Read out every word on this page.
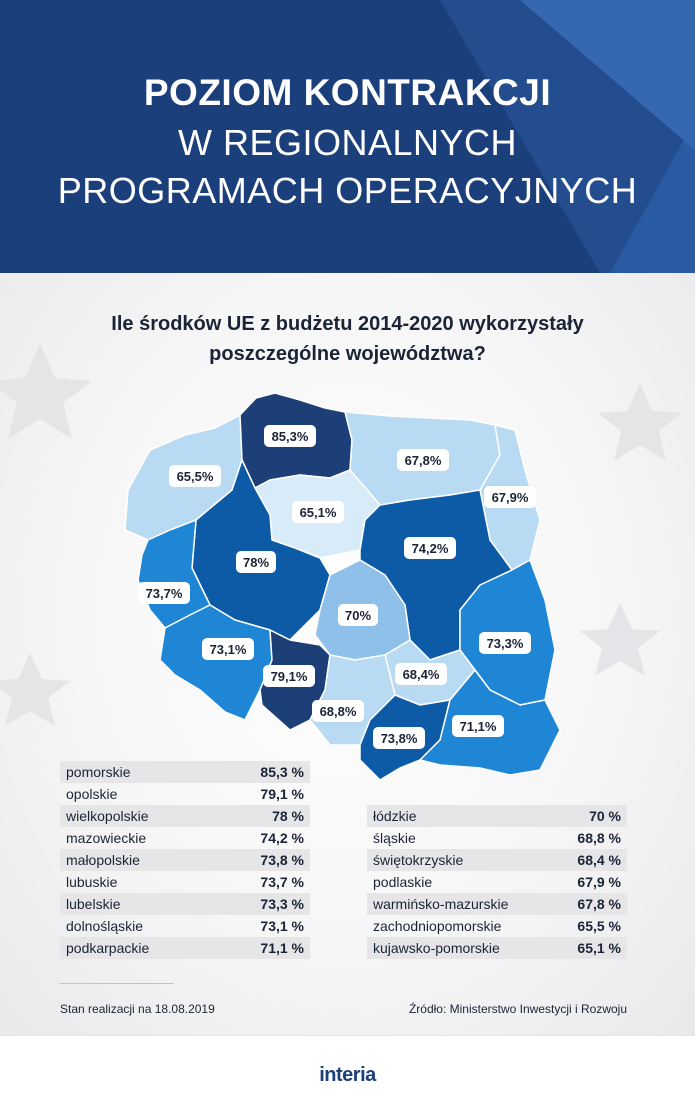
POZIOM KONTRAKCJI
W REGIONALNYCH
PROGRAMACH OPERACYJNYCH
Ile środków UE z budżetu 2014-2020 wykorzystały
poszczególne województwa?
85,3%
65,5%
67,8%
67,9%
65,1%
78%
74,2%
73,7%
70%
73,3%
73,1%
79,1%	68,4%
68,8%
73,8%
71,1%
pomorskie	85,3 %
opolskie	79,1 %
wielkopolskie	78 %
mazowieckie	74,2 %
małopolskie	73,8 %
lubuskie	73,7 %
lubelskie	73,3 %
dolnośląskie	73,1 %
podkarpackie	71,1 %
łódzkie	70 %
śląskie	68,8 %
świętokrzyskie	68,4 %
podlaskie	67,9 %
warmińsko-mazurskie	67,8 %
zachodniopomorskie	65,5 %
kujawsko-pomorskie	65,1 %
Stan realizacji na 18.08.2019	Źródło: Ministerstwo Inwestycji i Rozwoju
interia
